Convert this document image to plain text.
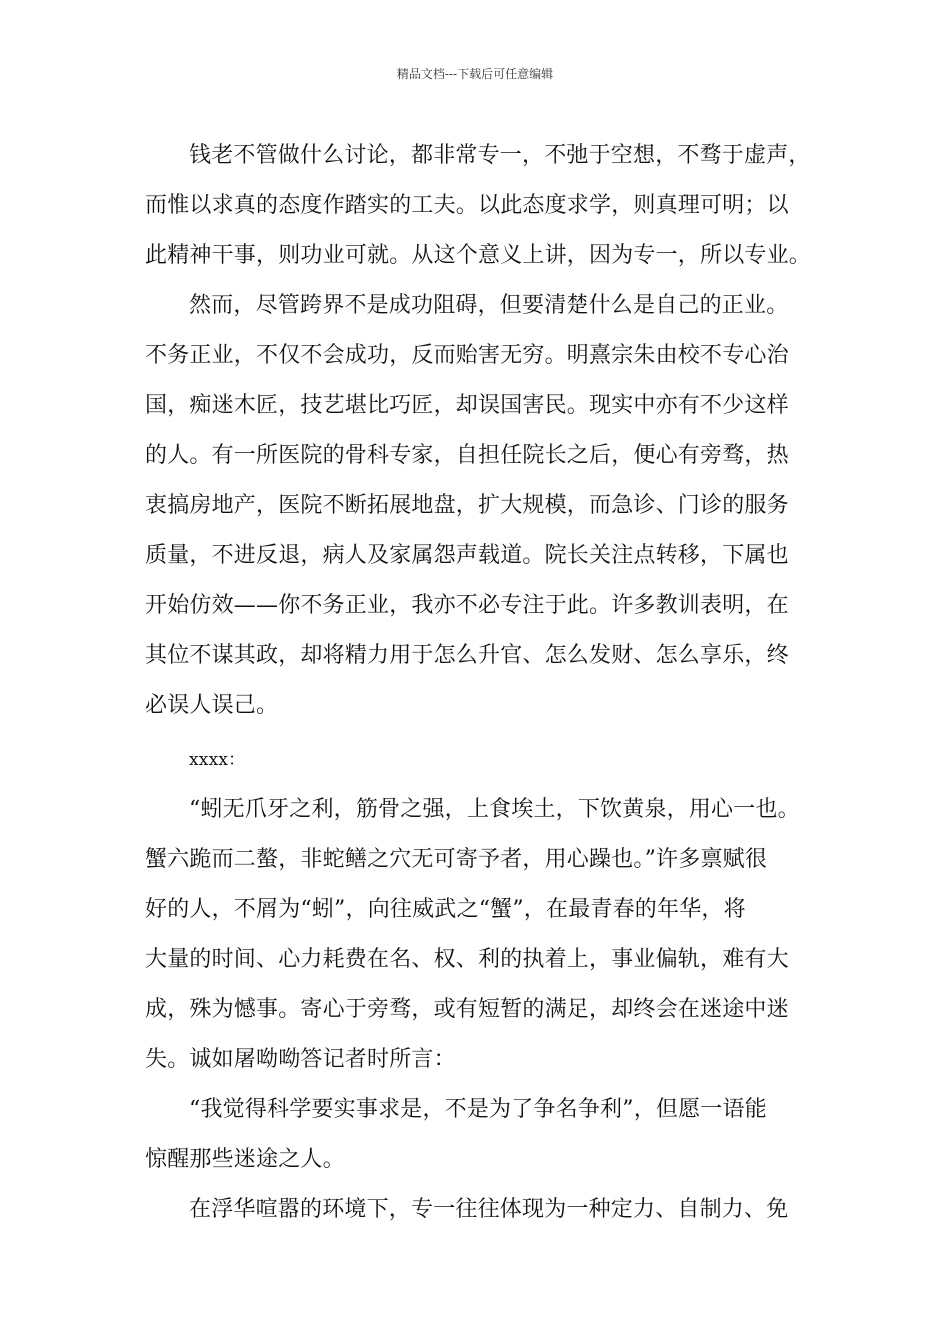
精品文档---下载后可任意编辑
钱老不管做什么讨论，都非常专一，不弛于空想，不骛于虚声，
而惟以求真的态度作踏实的工夫。以此态度求学，则真理可明；以
此精神干事，则功业可就。从这个意义上讲，因为专一，所以专业。
然而，尽管跨界不是成功阻碍，但要清楚什么是自己的正业。
不务正业，不仅不会成功，反而贻害无穷。明熹宗朱由校不专心治
国，痴迷木匠，技艺堪比巧匠，却误国害民。现实中亦有不少这样
的人。有一所医院的骨科专家，自担任院长之后，便心有旁骛，热
衷搞房地产，医院不断拓展地盘，扩大规模，而急诊、门诊的服务
质量，不进反退，病人及家属怨声载道。院长关注点转移，下属也
开始仿效——你不务正业，我亦不必专注于此。许多教训表明，在
其位不谋其政，却将精力用于怎么升官、怎么发财、怎么享乐，终
必误人误己。
xxxx：
“蚓无爪牙之利，筋骨之强，上食埃土，下饮黄泉，用心一也。
蟹六跪而二螯，非蛇鳝之穴无可寄予者，用心躁也。”许多禀赋很
好的人，不屑为“蚓”，向往威武之“蟹”，在最青春的年华，将
大量的时间、心力耗费在名、权、利的执着上，事业偏轨，难有大
成，殊为憾事。寄心于旁骛，或有短暂的满足，却终会在迷途中迷
失。诚如屠呦呦答记者时所言：
“我觉得科学要实事求是，不是为了争名争利”，但愿一语能
惊醒那些迷途之人。
在浮华喧嚣的环境下，专一往往体现为一种定力、自制力、免
